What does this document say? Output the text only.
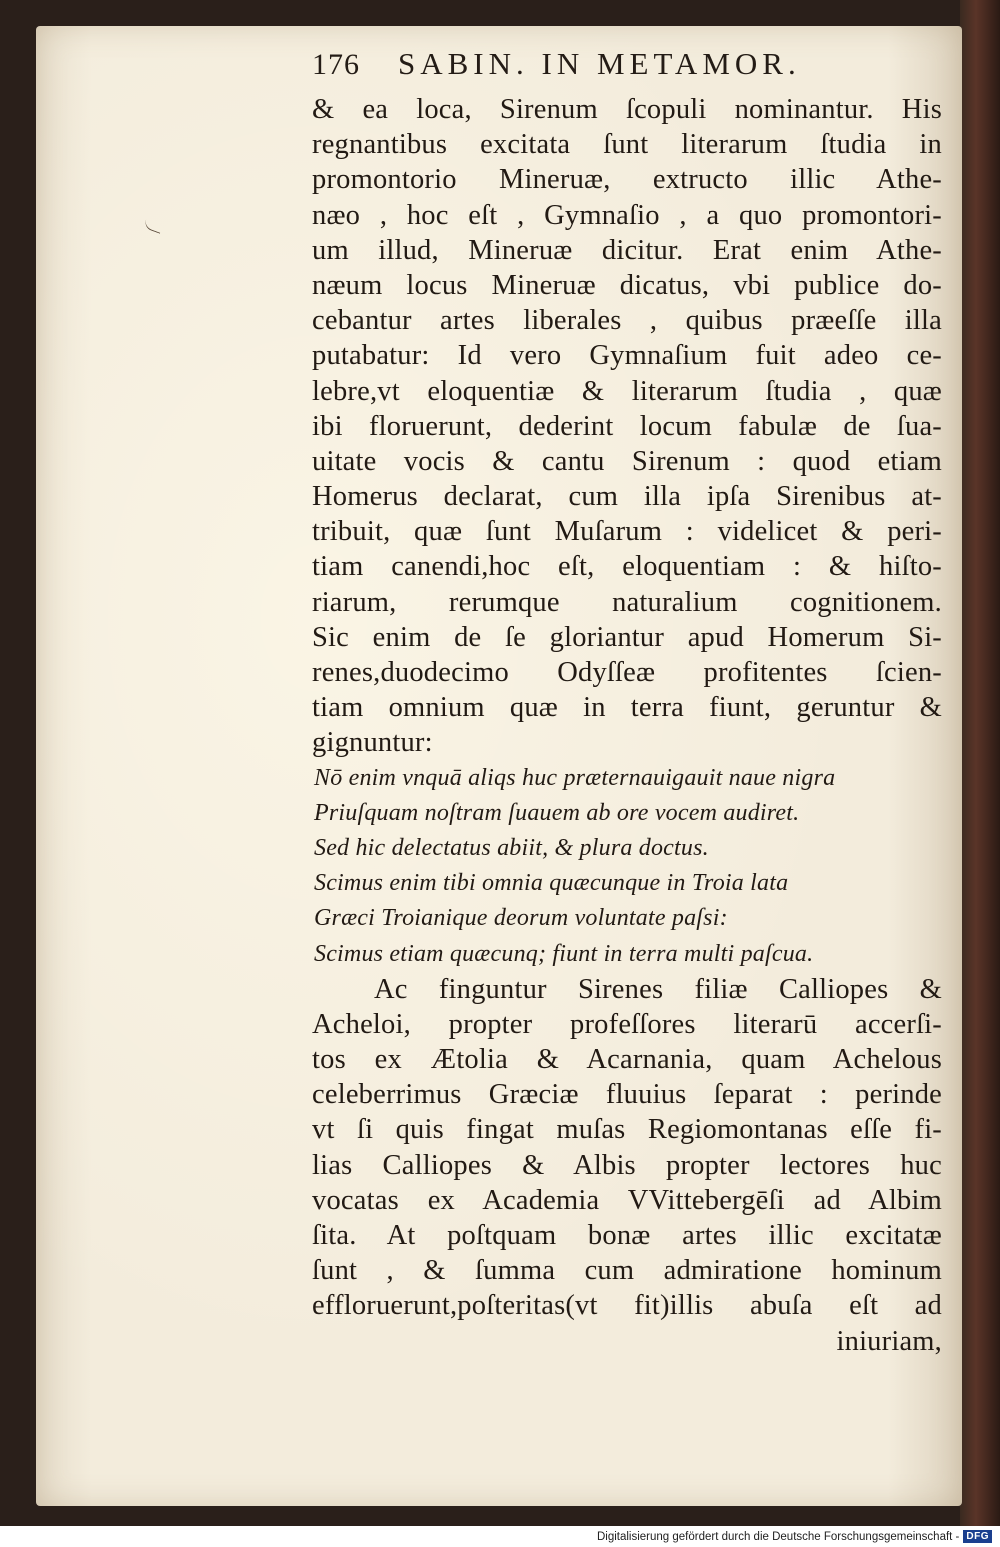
176 SABIN. IN METAMOR.
& ea loca, Sirenum ſcopuli nominantur. His
regnantibus excitata ſunt literarum ſtudia in
promontorio Mineruæ, extructo illic Athe-
næo , hoc eſt , Gymnaſio , a quo promontori-
um illud, Mineruæ dicitur. Erat enim Athe-
næum locus Mineruæ dicatus, vbi publice do-
cebantur artes liberales , quibus præeſſe illa
putabatur: Id vero Gymnaſium fuit adeo ce-
lebre,vt eloquentiæ & literarum ſtudia , quæ
ibi floruerunt, dederint locum fabulæ de ſua-
uitate vocis & cantu Sirenum : quod etiam
Homerus declarat, cum illa ipſa Sirenibus at-
tribuit, quæ ſunt Muſarum : videlicet & peri-
tiam canendi,hoc eſt, eloquentiam : & hiſto-
riarum, rerumque naturalium cognitionem.
Sic enim de ſe gloriantur apud Homerum Si-
renes,duodecimo Odyſſeæ profitentes ſcien-
tiam omnium quæ in terra fiunt, geruntur &
gignuntur:
Nō enim vnquā aliqs huc præternauigauit naue nigra
Priuſquam noſtram ſuauem ab ore vocem audiret.
Sed hic delectatus abiit, & plura doctus.
Scimus enim tibi omnia quæcunque in Troia lata
Græci Troianique deorum voluntate paſsi:
Scimus etiam quæcunq; fiunt in terra multi paſcua.
Ac finguntur Sirenes filiæ Calliopes &
Acheloi, propter profeſſores literarū accerſi-
tos ex Ætolia & Acarnania, quam Achelous
celeberrimus Græciæ fluuius ſeparat : perinde
vt ſi quis fingat muſas Regiomontanas eſſe fi-
lias Calliopes & Albis propter lectores huc
vocatas ex Academia VVittebergēſi ad Albim
ſita. At poſtquam bonæ artes illic excitatæ
ſunt , & ſumma cum admiratione hominum
effloruerunt,poſteritas(vt fit)illis abuſa eſt ad
iniuriam,
Digitalisierung gefördert durch die Deutsche Forschungsgemeinschaft - DFG
